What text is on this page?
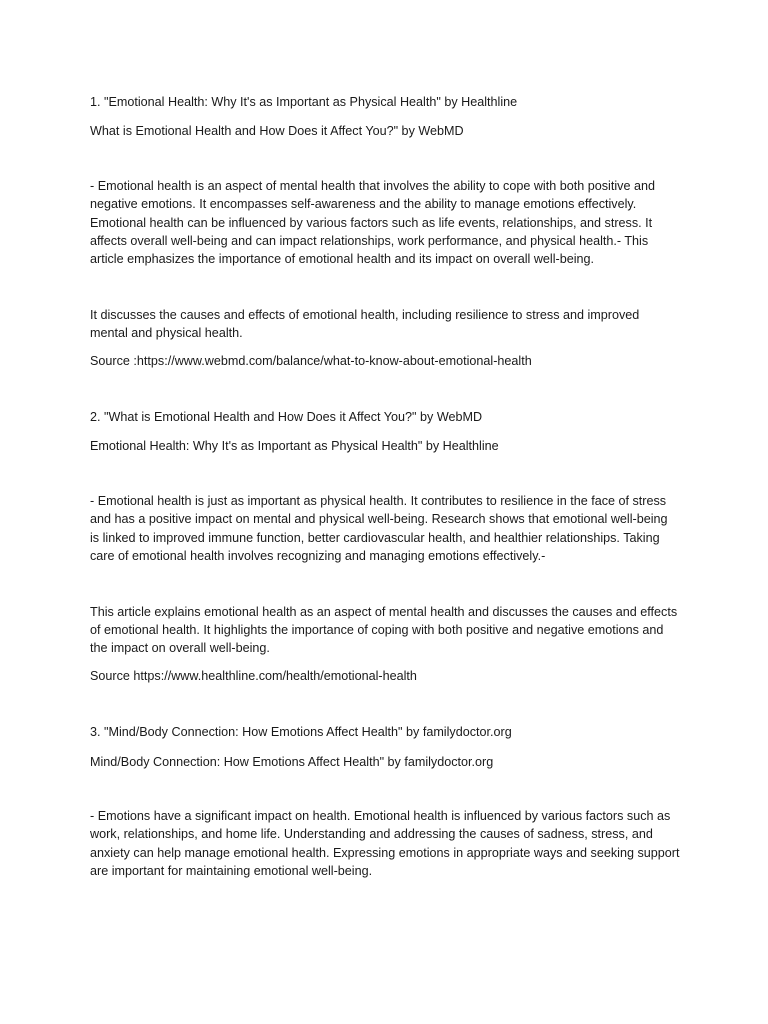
1. "Emotional Health: Why It's as Important as Physical Health" by Healthline

What is Emotional Health and How Does it Affect You?" by WebMD

- Emotional health is an aspect of mental health that involves the ability to cope with both positive and negative emotions. It encompasses self-awareness and the ability to manage emotions effectively. Emotional health can be influenced by various factors such as life events, relationships, and stress. It affects overall well-being and can impact relationships, work performance, and physical health.- This article emphasizes the importance of emotional health and its impact on overall well-being.

It discusses the causes and effects of emotional health, including resilience to stress and improved mental and physical health.

Source :https://www.webmd.com/balance/what-to-know-about-emotional-health

2. "What is Emotional Health and How Does it Affect You?" by WebMD

Emotional Health: Why It's as Important as Physical Health" by Healthline

- Emotional health is just as important as physical health. It contributes to resilience in the face of stress and has a positive impact on mental and physical well-being. Research shows that emotional well-being is linked to improved immune function, better cardiovascular health, and healthier relationships. Taking care of emotional health involves recognizing and managing emotions effectively.-

This article explains emotional health as an aspect of mental health and discusses the causes and effects of emotional health. It highlights the importance of coping with both positive and negative emotions and the impact on overall well-being.

Source https://www.healthline.com/health/emotional-health

3. "Mind/Body Connection: How Emotions Affect Health" by familydoctor.org

Mind/Body Connection: How Emotions Affect Health" by familydoctor.org

- Emotions have a significant impact on health. Emotional health is influenced by various factors such as work, relationships, and home life. Understanding and addressing the causes of sadness, stress, and anxiety can help manage emotional health. Expressing emotions in appropriate ways and seeking support are important for maintaining emotional well-being.
